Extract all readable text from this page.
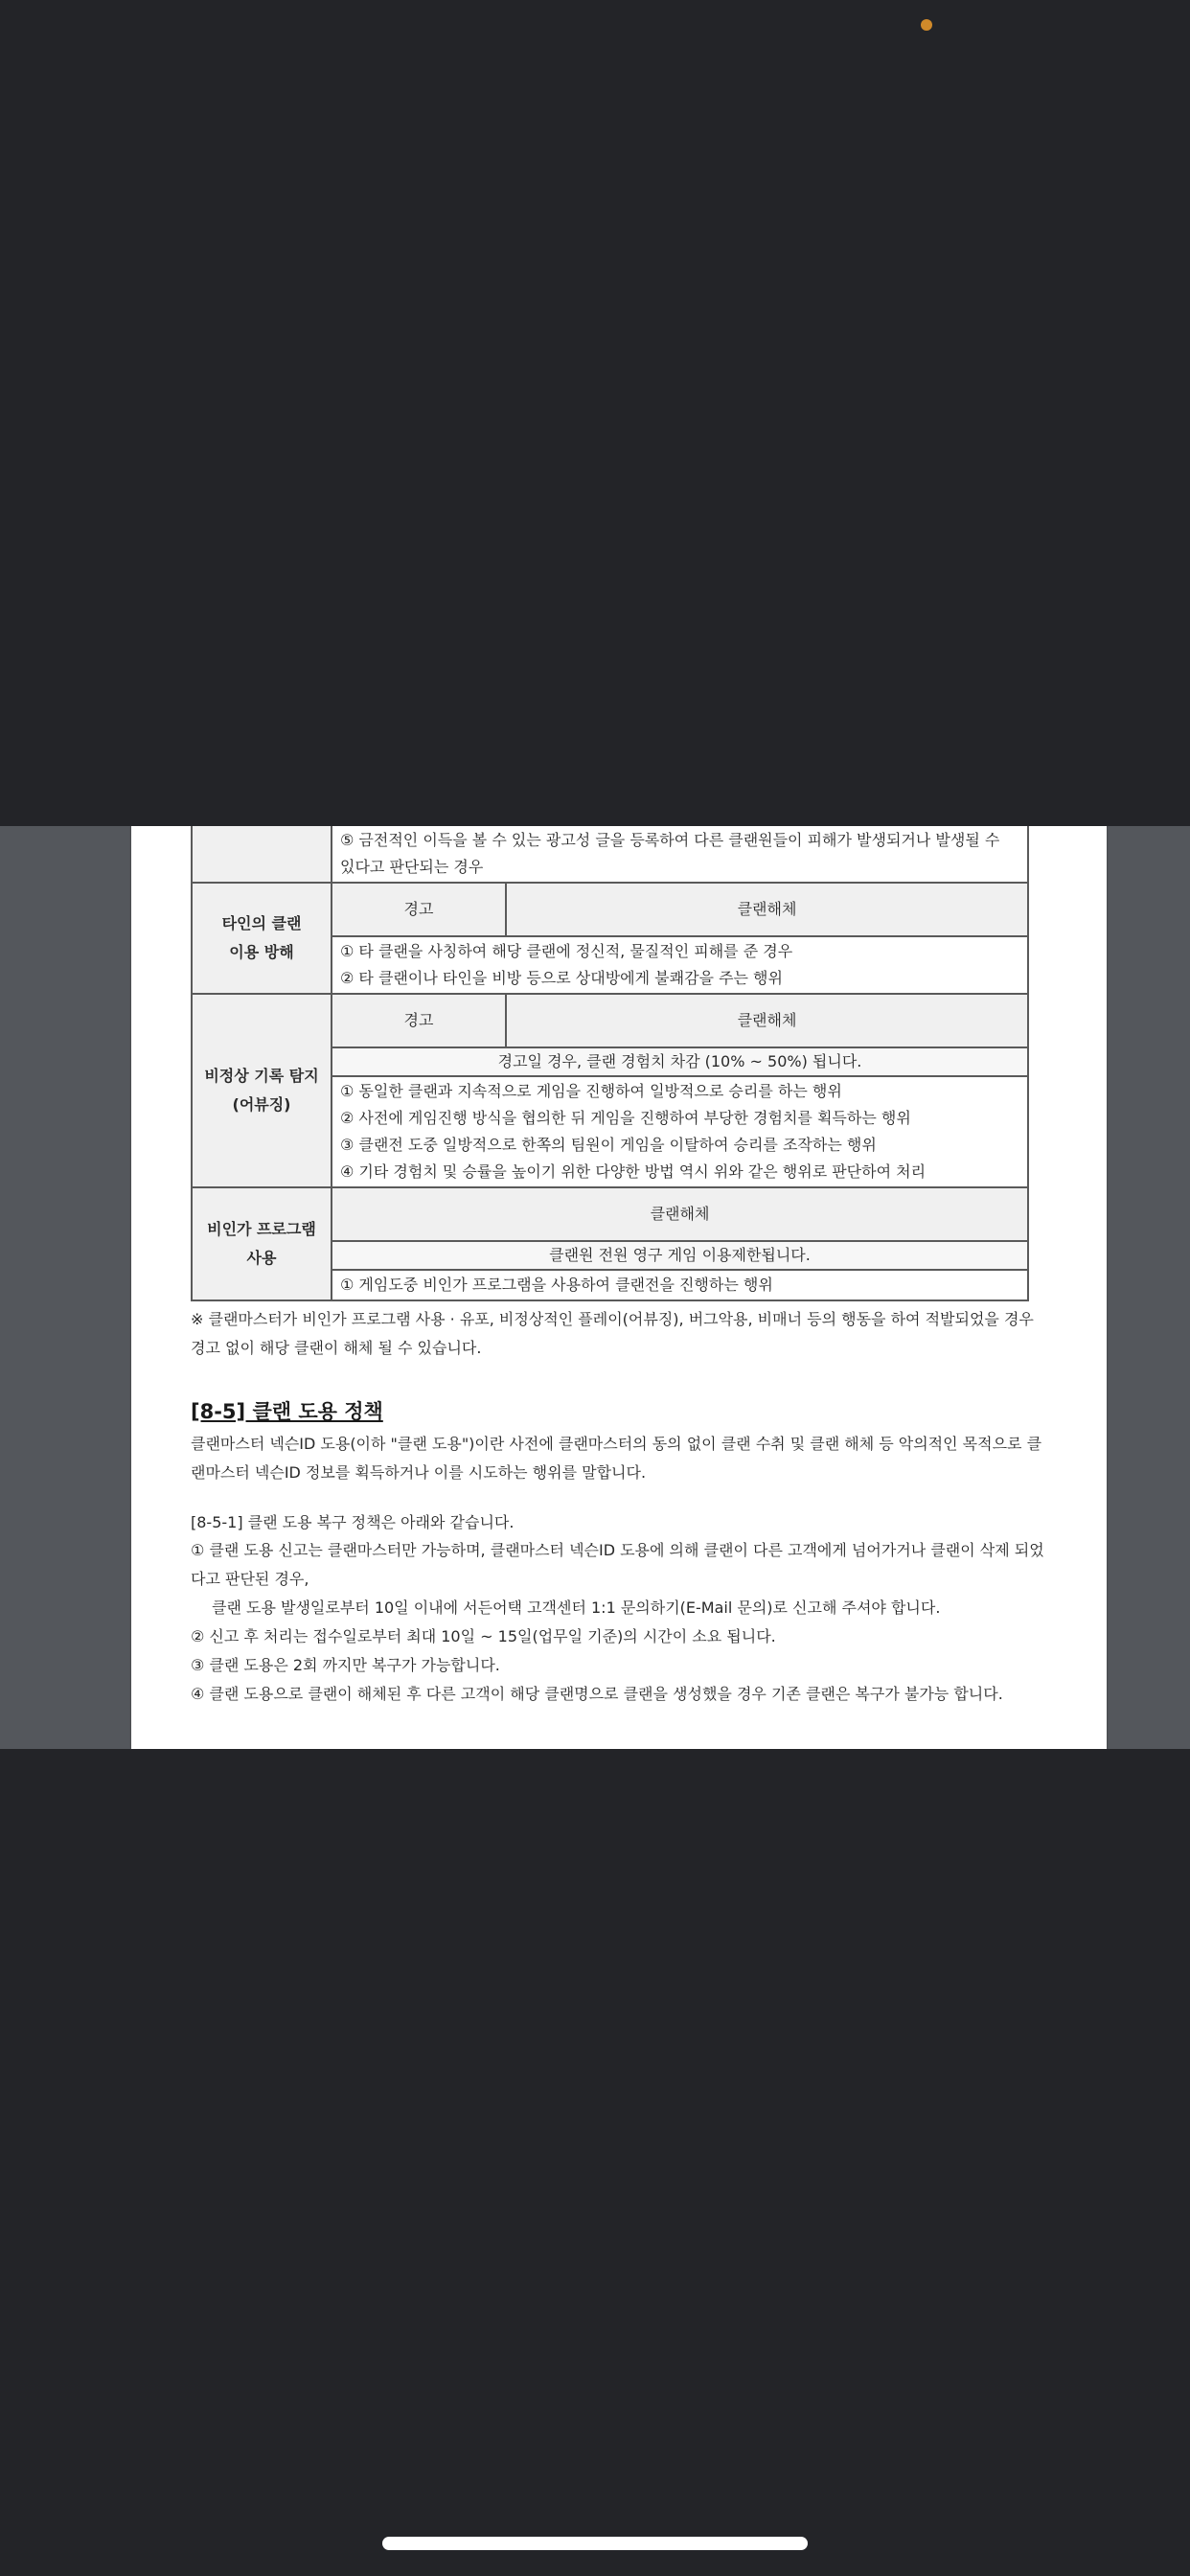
	⑤ 금전적인 이득을 볼 수 있는 광고성 글을 등록하여 다른 클랜원들이 피해가 발생되거나 발생될 수
있다고 판단되는 경우	

타인의 클랜
이용 방해	경고	클랜해체

	① 타 클랜을 사칭하여 해당 클랜에 정신적, 물질적인 피해를 준 경우
② 타 클랜이나 타인을 비방 등으로 상대방에게 불쾌감을 주는 행위	

비정상 기록 탐지
(어뷰징)	경고	클랜해체
	경고일 경우, 클랜 경험치 차감 (10% ~ 50%) 됩니다.	

	① 동일한 클랜과 지속적으로 게임을 진행하여 일방적으로 승리를 하는 행위
② 사전에 게임진행 방식을 협의한 뒤 게임을 진행하여 부당한 경험치를 획득하는 행위
③ 클랜전 도중 일방적으로 한쪽의 팀원이 게임을 이탈하여 승리를 조작하는 행위
④ 기타 경험치 및 승률을 높이기 위한 다양한 방법 역시 위와 같은 행위로 판단하여 처리	

비인가 프로그램
사용	클랜해체	
	클랜원 전원 영구 게임 이용제한됩니다.	

	① 게임도중 비인가 프로그램을 사용하여 클랜전을 진행하는 행위	

※ 클랜마스터가 비인가 프로그램 사용 · 유포, 비정상적인 플레이(어뷰징), 버그악용, 비매너 등의 행동을 하여 적발되었을 경우 경고 없이 해당 클랜이 해체 될 수 있습니다.

[8-5] 클랜 도용 정책

클랜마스터 넥슨ID 도용(이하 "클랜 도용")이란 사전에 클랜마스터의 동의 없이 클랜 수취 및 클랜 해체 등 악의적인 목적으로 클랜마스터 넥슨ID 정보를 획득하거나 이를 시도하는 행위를 말합니다.

[8-5-1] 클랜 도용 복구 정책은 아래와 같습니다.

① 클랜 도용 신고는 클랜마스터만 가능하며, 클랜마스터 넥슨ID 도용에 의해 클랜이 다른 고객에게 넘어가거나 클랜이 삭제 되었다고 판단된 경우,
클랜 도용 발생일로부터 10일 이내에 서든어택 고객센터 1:1 문의하기(E-Mail 문의)로 신고해 주셔야 합니다.
② 신고 후 처리는 접수일로부터 최대 10일 ~ 15일(업무일 기준)의 시간이 소요 됩니다.
③ 클랜 도용은 2회 까지만 복구가 가능합니다.
④ 클랜 도용으로 클랜이 해체된 후 다른 고객이 해당 클랜명으로 클랜을 생성했을 경우 기존 클랜은 복구가 불가능 합니다.
